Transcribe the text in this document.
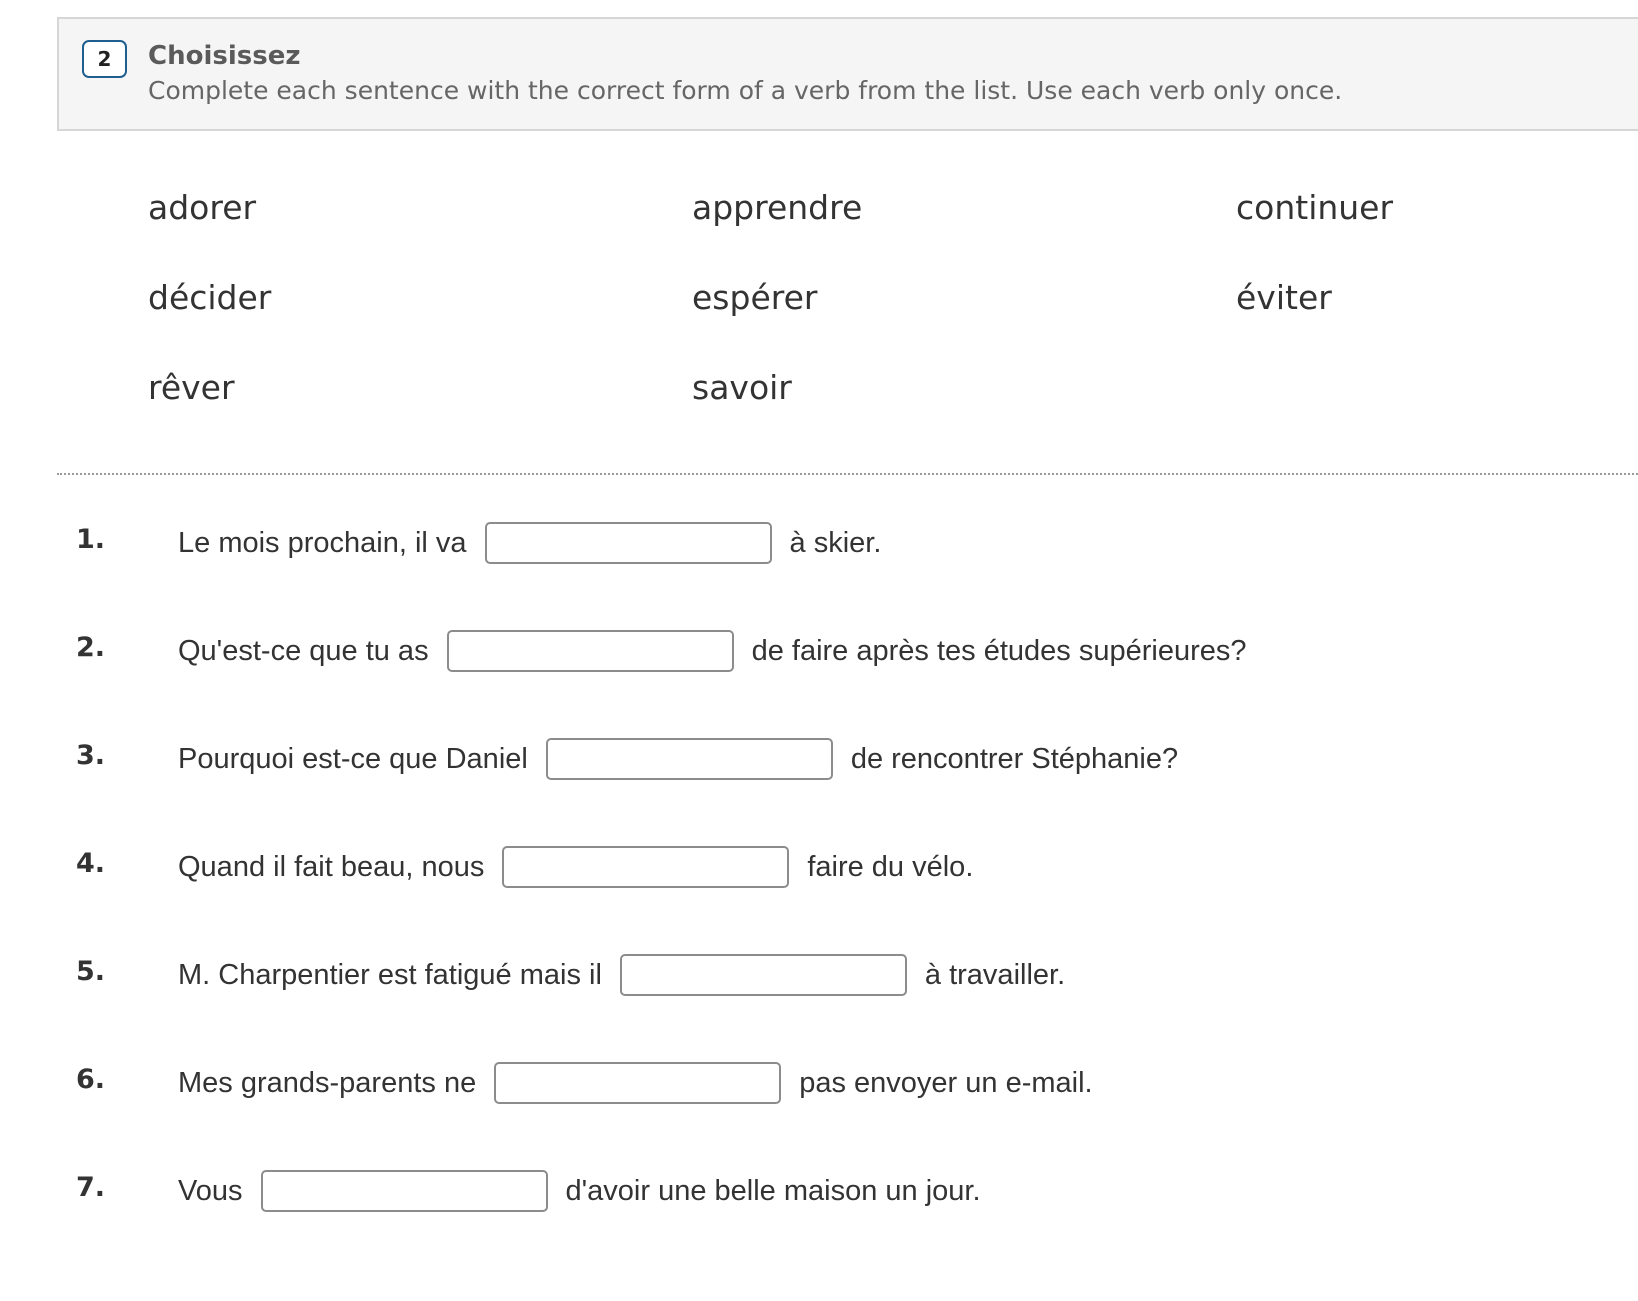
2	Choisissez
Complete each sentence with the correct form of a verb from the list. Use each verb only once.
adorer	apprendre	continuer
décider	espérer	éviter
rêver	savoir
1.	Le mois prochain, il va	à skier.
2.	Qu'est-ce que tu as	de faire après tes études supérieures?
3.	Pourquoi est-ce que Daniel	de rencontrer Stéphanie?
4.	Quand il fait beau, nous	faire du vélo.
5.	M. Charpentier est fatigué mais il	à travailler.
6.	Mes grands-parents ne	pas envoyer un e-mail.
7.	Vous	d'avoir une belle maison un jour.
